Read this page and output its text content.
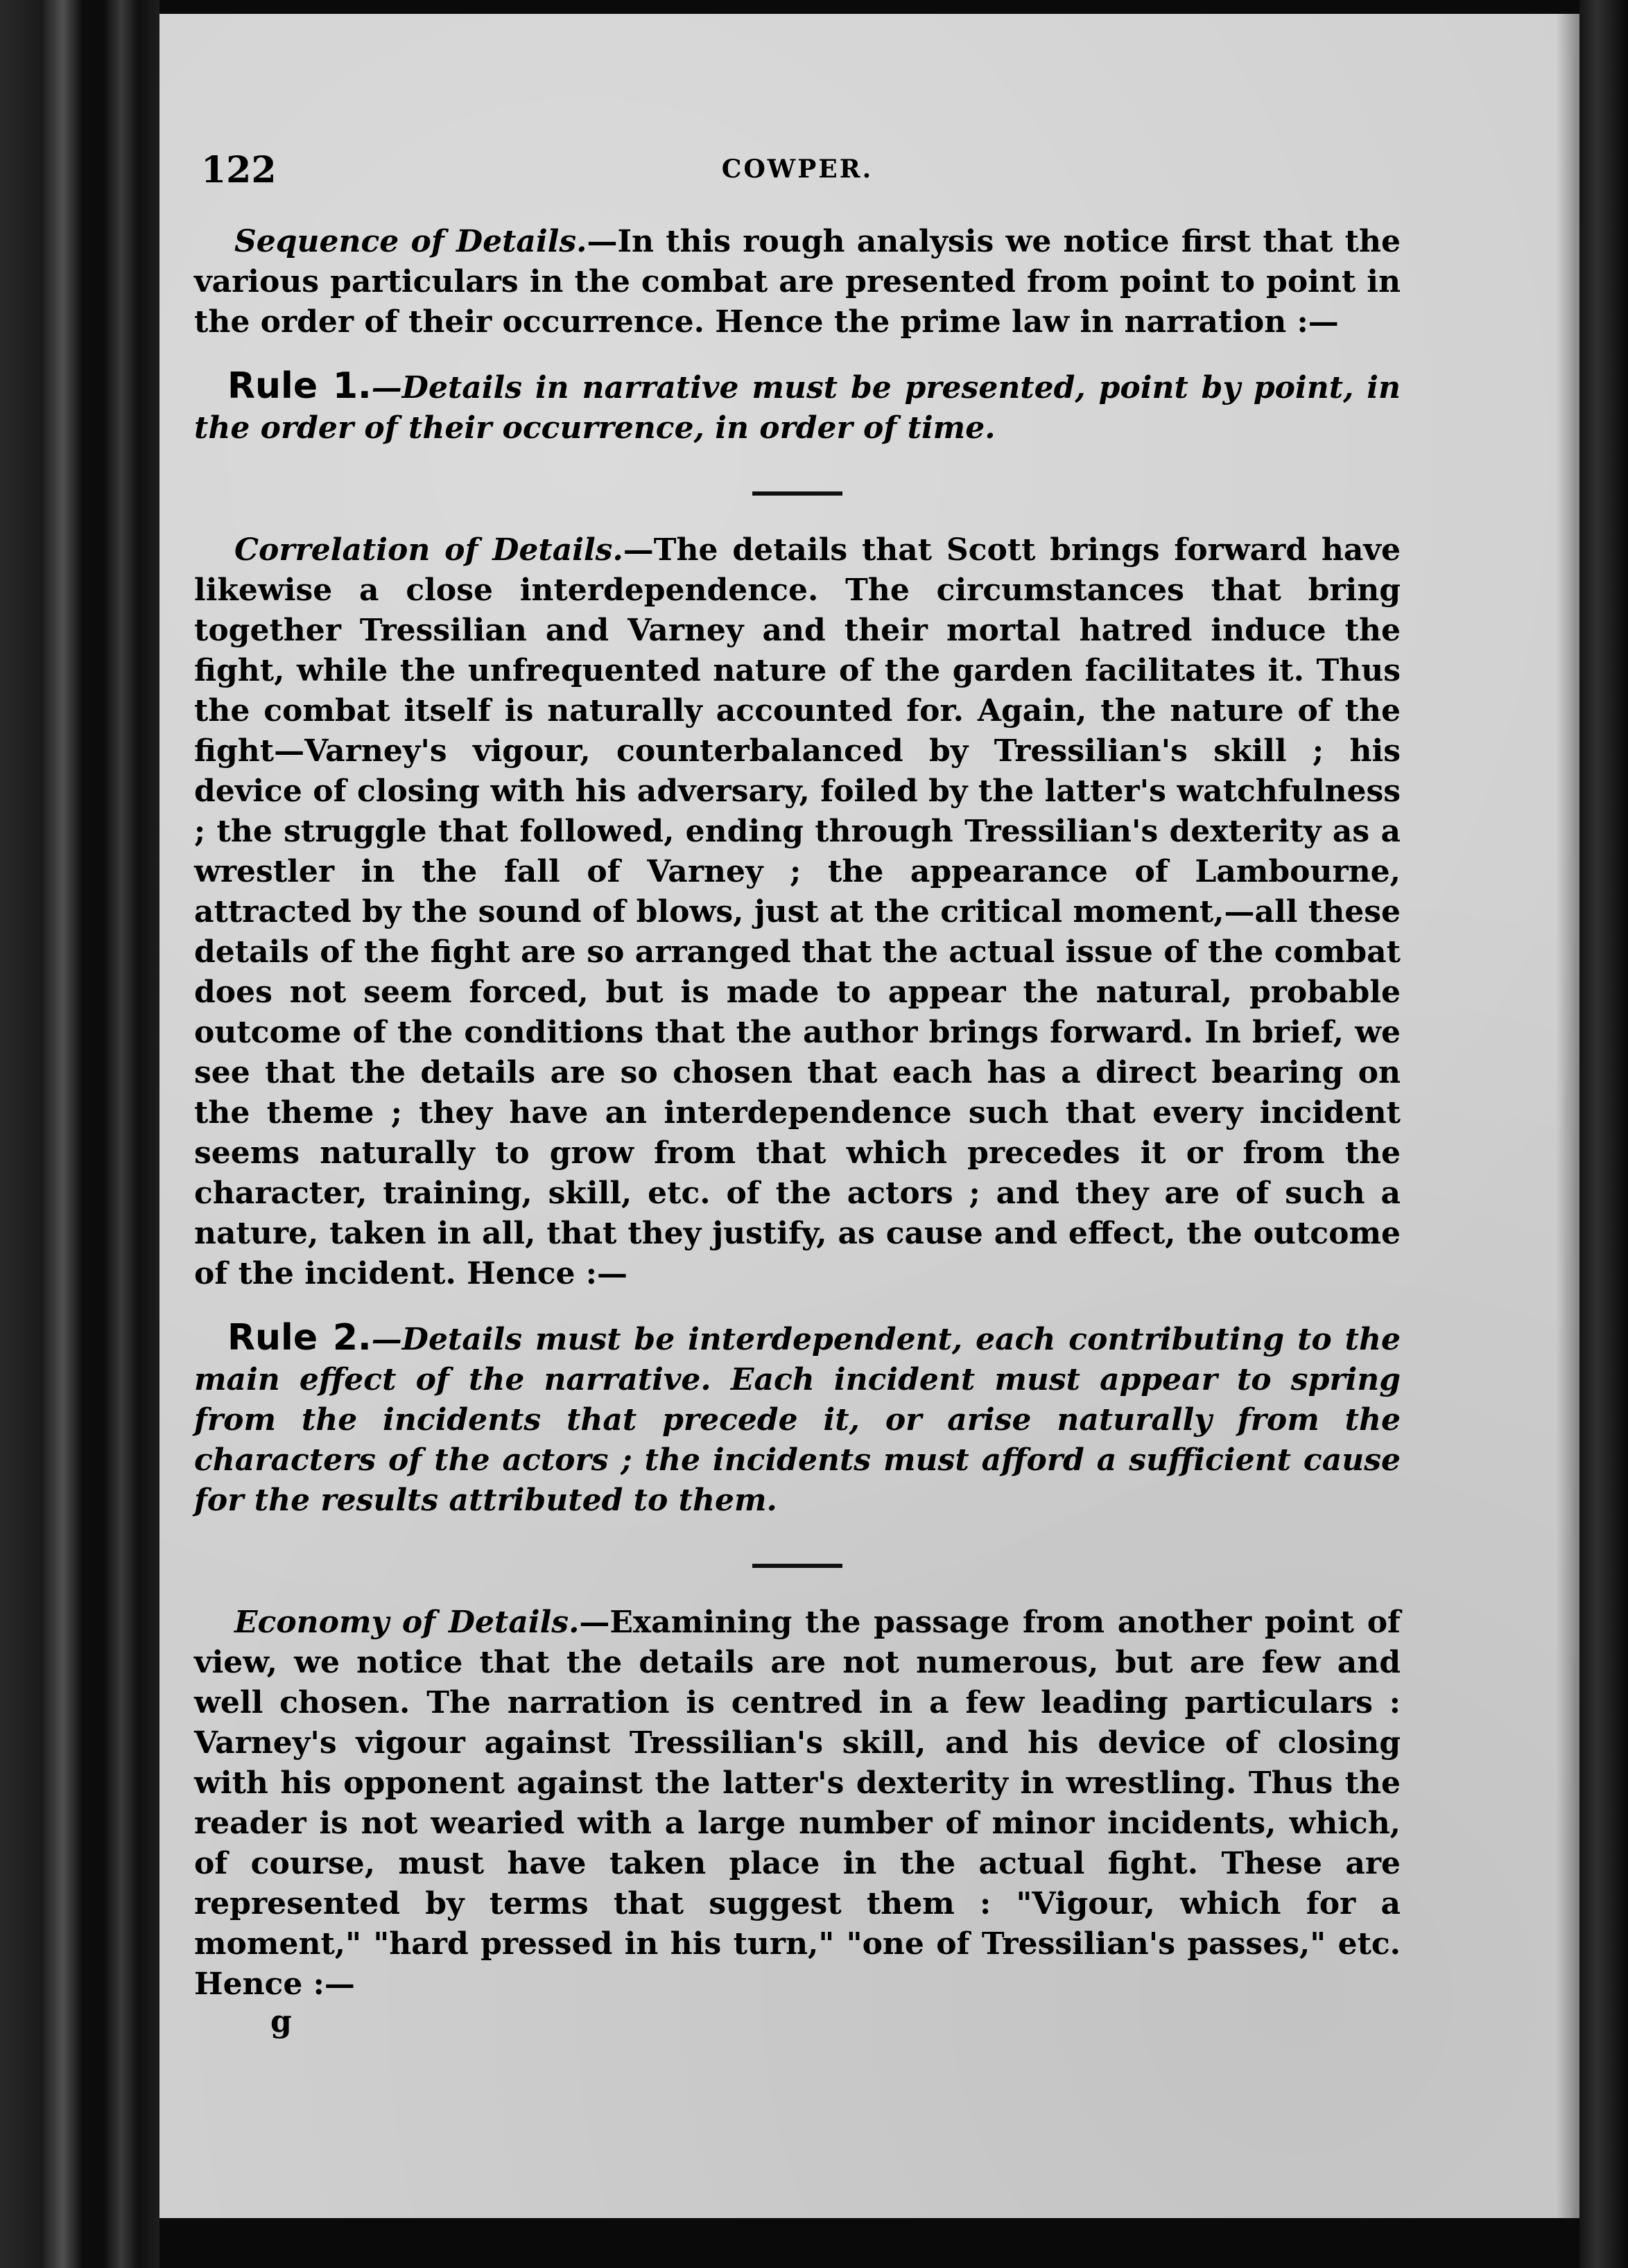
122	COWPER.

Sequence of Details.—In this rough analysis we notice first that the various particulars in the combat are presented from point to point in the order of their occurrence. Hence the prime law in narration :—

Rule 1.—Details in narrative must be presented, point by point, in the order of their occurrence, in order of time.

Correlation of Details.—The details that Scott brings forward have likewise a close interdependence. The circumstances that bring together Tressilian and Varney and their mortal hatred induce the fight, while the unfrequented nature of the garden facilitates it. Thus the combat itself is naturally accounted for. Again, the nature of the fight—Varney's vigour, counterbalanced by Tressilian's skill ; his device of closing with his adversary, foiled by the latter's watchfulness ; the struggle that followed, ending through Tressilian's dexterity as a wrestler in the fall of Varney ; the appearance of Lambourne, attracted by the sound of blows, just at the critical moment,—all these details of the fight are so arranged that the actual issue of the combat does not seem forced, but is made to appear the natural, probable outcome of the conditions that the author brings forward. In brief, we see that the details are so chosen that each has a direct bearing on the theme ; they have an interdependence such that every incident seems naturally to grow from that which precedes it or from the character, training, skill, etc. of the actors ; and they are of such a nature, taken in all, that they justify, as cause and effect, the outcome of the incident. Hence :—

Rule 2.—Details must be interdependent, each contributing to the main effect of the narrative. Each incident must appear to spring from the incidents that precede it, or arise naturally from the characters of the actors ; the incidents must afford a sufficient cause for the results attributed to them.

Economy of Details.—Examining the passage from another point of view, we notice that the details are not numerous, but are few and well chosen. The narration is centred in a few leading particulars : Varney's vigour against Tressilian's skill, and his device of closing with his opponent against the latter's dexterity in wrestling. Thus the reader is not wearied with a large number of minor incidents, which, of course, must have taken place in the actual fight. These are represented by terms that suggest them : "Vigour, which for a moment," "hard pressed in his turn," "one of Tressilian's passes," etc. Hence :—

g
